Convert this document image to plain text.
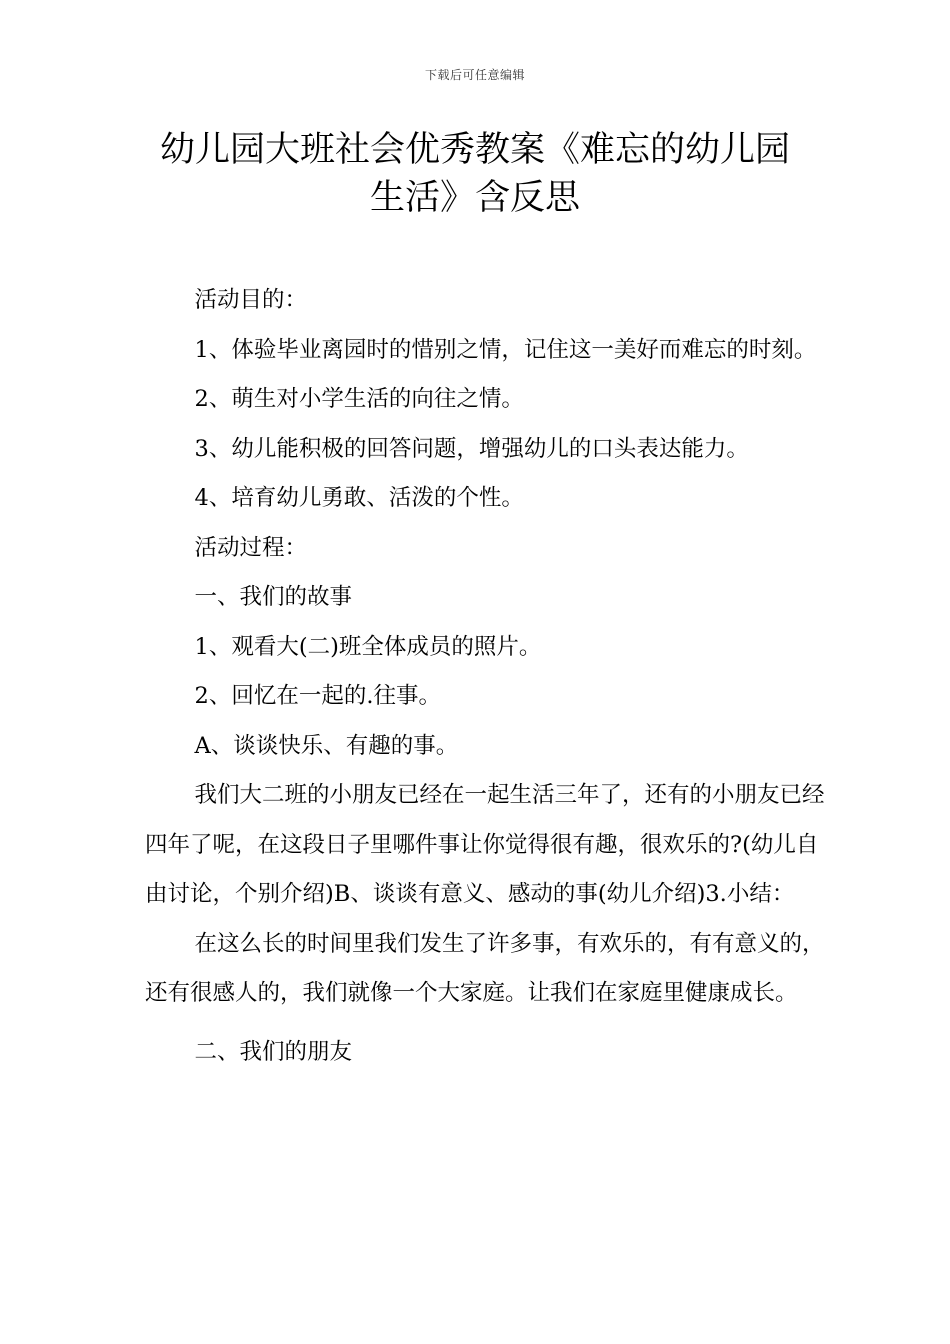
下载后可任意编辑
幼儿园大班社会优秀教案《难忘的幼儿园
生活》含反思

活动目的：

1、体验毕业离园时的惜别之情，记住这一美好而难忘的时刻。

2、萌生对小学生活的向往之情。

3、幼儿能积极的回答问题，增强幼儿的口头表达能力。

4、培育幼儿勇敢、活泼的个性。

活动过程：

一、我们的故事

1、观看大(二)班全体成员的照片。

2、回忆在一起的.往事。

A、谈谈快乐、有趣的事。

我们大二班的小朋友已经在一起生活三年了，还有的小朋友已经四年了呢，在这段日子里哪件事让你觉得很有趣，很欢乐的?(幼儿自由讨论，个别介绍)B、谈谈有意义、感动的事(幼儿介绍)3.小结：

在这么长的时间里我们发生了许多事，有欢乐的，有有意义的，还有很感人的，我们就像一个大家庭。让我们在家庭里健康成长。

二、我们的朋友
